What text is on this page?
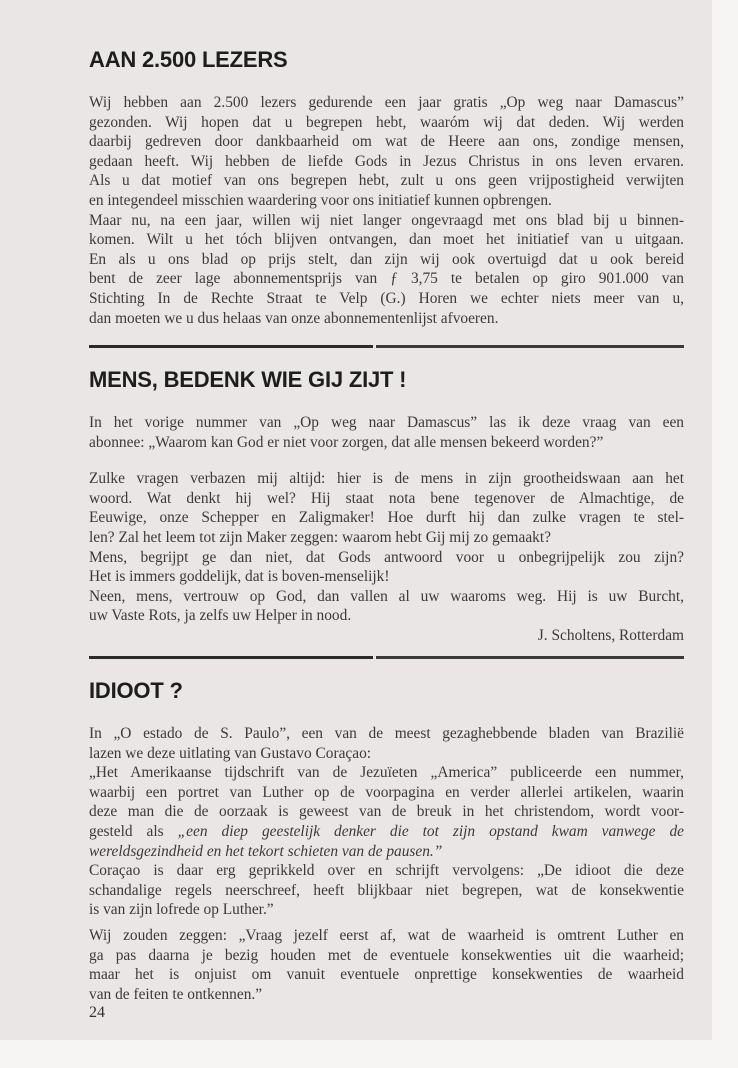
AAN 2.500 LEZERS
Wij hebben aan 2.500 lezers gedurende een jaar gratis „Op weg naar Damascus”
gezonden. Wij hopen dat u begrepen hebt, waaróm wij dat deden. Wij werden
daarbij gedreven door dankbaarheid om wat de Heere aan ons, zondige mensen,
gedaan heeft. Wij hebben de liefde Gods in Jezus Christus in ons leven ervaren.
Als u dat motief van ons begrepen hebt, zult u ons geen vrijpostigheid verwijten
en integendeel misschien waardering voor ons initiatief kunnen opbrengen.
Maar nu, na een jaar, willen wij niet langer ongevraagd met ons blad bij u binnen-
komen. Wilt u het tóch blijven ontvangen, dan moet het initiatief van u uitgaan.
En als u ons blad op prijs stelt, dan zijn wij ook overtuigd dat u ook bereid
bent de zeer lage abonnementsprijs van ƒ 3,75 te betalen op giro 901.000 van
Stichting In de Rechte Straat te Velp (G.) Horen we echter niets meer van u,
dan moeten we u dus helaas van onze abonnementenlijst afvoeren.
MENS, BEDENK WIE GIJ ZIJT !
In het vorige nummer van „Op weg naar Damascus” las ik deze vraag van een
abonnee: „Waarom kan God er niet voor zorgen, dat alle mensen bekeerd worden?”
Zulke vragen verbazen mij altijd: hier is de mens in zijn grootheidswaan aan het
woord. Wat denkt hij wel? Hij staat nota bene tegenover de Almachtige, de
Eeuwige, onze Schepper en Zaligmaker! Hoe durft hij dan zulke vragen te stel-
len? Zal het leem tot zijn Maker zeggen: waarom hebt Gij mij zo gemaakt?
Mens, begrijpt ge dan niet, dat Gods antwoord voor u onbegrijpelijk zou zijn?
Het is immers goddelijk, dat is boven-menselijk!
Neen, mens, vertrouw op God, dan vallen al uw waaroms weg. Hij is uw Burcht,
uw Vaste Rots, ja zelfs uw Helper in nood.
J. Scholtens, Rotterdam
IDIOOT ?
In „O estado de S. Paulo”, een van de meest gezaghebbende bladen van Brazilië
lazen we deze uitlating van Gustavo Coraçao:
„Het Amerikaanse tijdschrift van de Jezuïeten „America” publiceerde een nummer,
waarbij een portret van Luther op de voorpagina en verder allerlei artikelen, waarin
deze man die de oorzaak is geweest van de breuk in het christendom, wordt voor-
gesteld als „een diep geestelijk denker die tot zijn opstand kwam vanwege de
wereldsgezindheid en het tekort schieten van de pausen.”
Coraçao is daar erg geprikkeld over en schrijft vervolgens: „De idioot die deze
schandalige regels neerschreef, heeft blijkbaar niet begrepen, wat de konsekwentie
is van zijn lofrede op Luther.”
Wij zouden zeggen: „Vraag jezelf eerst af, wat de waarheid is omtrent Luther en
ga pas daarna je bezig houden met de eventuele konsekwenties uit die waarheid;
maar het is onjuist om vanuit eventuele onprettige konsekwenties de waarheid
van de feiten te ontkennen.”
24
